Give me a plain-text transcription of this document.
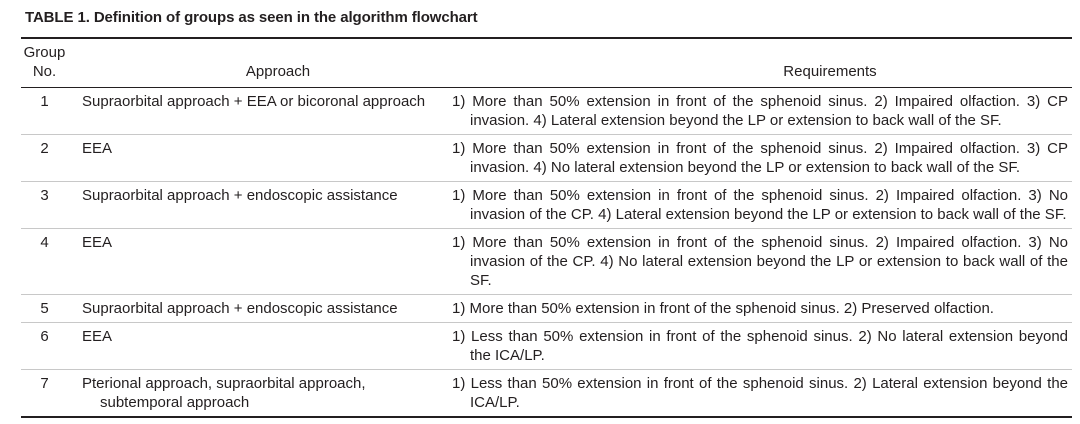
TABLE 1. Definition of groups as seen in the algorithm flowchart
Group No.	Approach	Requirements
1	Supraorbital approach + EEA or bicoronal approach	1) More than 50% extension in front of the sphenoid sinus. 2) Impaired olfaction. 3) CP invasion. 4) Lateral extension beyond the LP or extension to back wall of the SF.

2	EEA	1) More than 50% extension in front of the sphenoid sinus. 2) Impaired olfaction. 3) CP invasion. 4) No lateral extension beyond the LP or extension to back wall of the SF.

3	Supraorbital approach + endoscopic assistance	1) More than 50% extension in front of the sphenoid sinus. 2) Impaired olfaction. 3) No invasion of the CP. 4) Lateral extension beyond the LP or extension to back wall of the SF.

4	EEA	1) More than 50% extension in front of the sphenoid sinus. 2) Impaired olfaction. 3) No invasion of the CP. 4) No lateral extension beyond the LP or extension to back wall of the SF.

5	Supraorbital approach + endoscopic assistance	1) More than 50% extension in front of the sphenoid sinus. 2) Preserved olfaction.

6	EEA	1) Less than 50% extension in front of the sphenoid sinus. 2) No lateral extension beyond the ICA/LP.

7	Pterional approach, supraorbital approach, subtemporal approach	1) Less than 50% extension in front of the sphenoid sinus. 2) Lateral extension beyond the ICA/LP.
